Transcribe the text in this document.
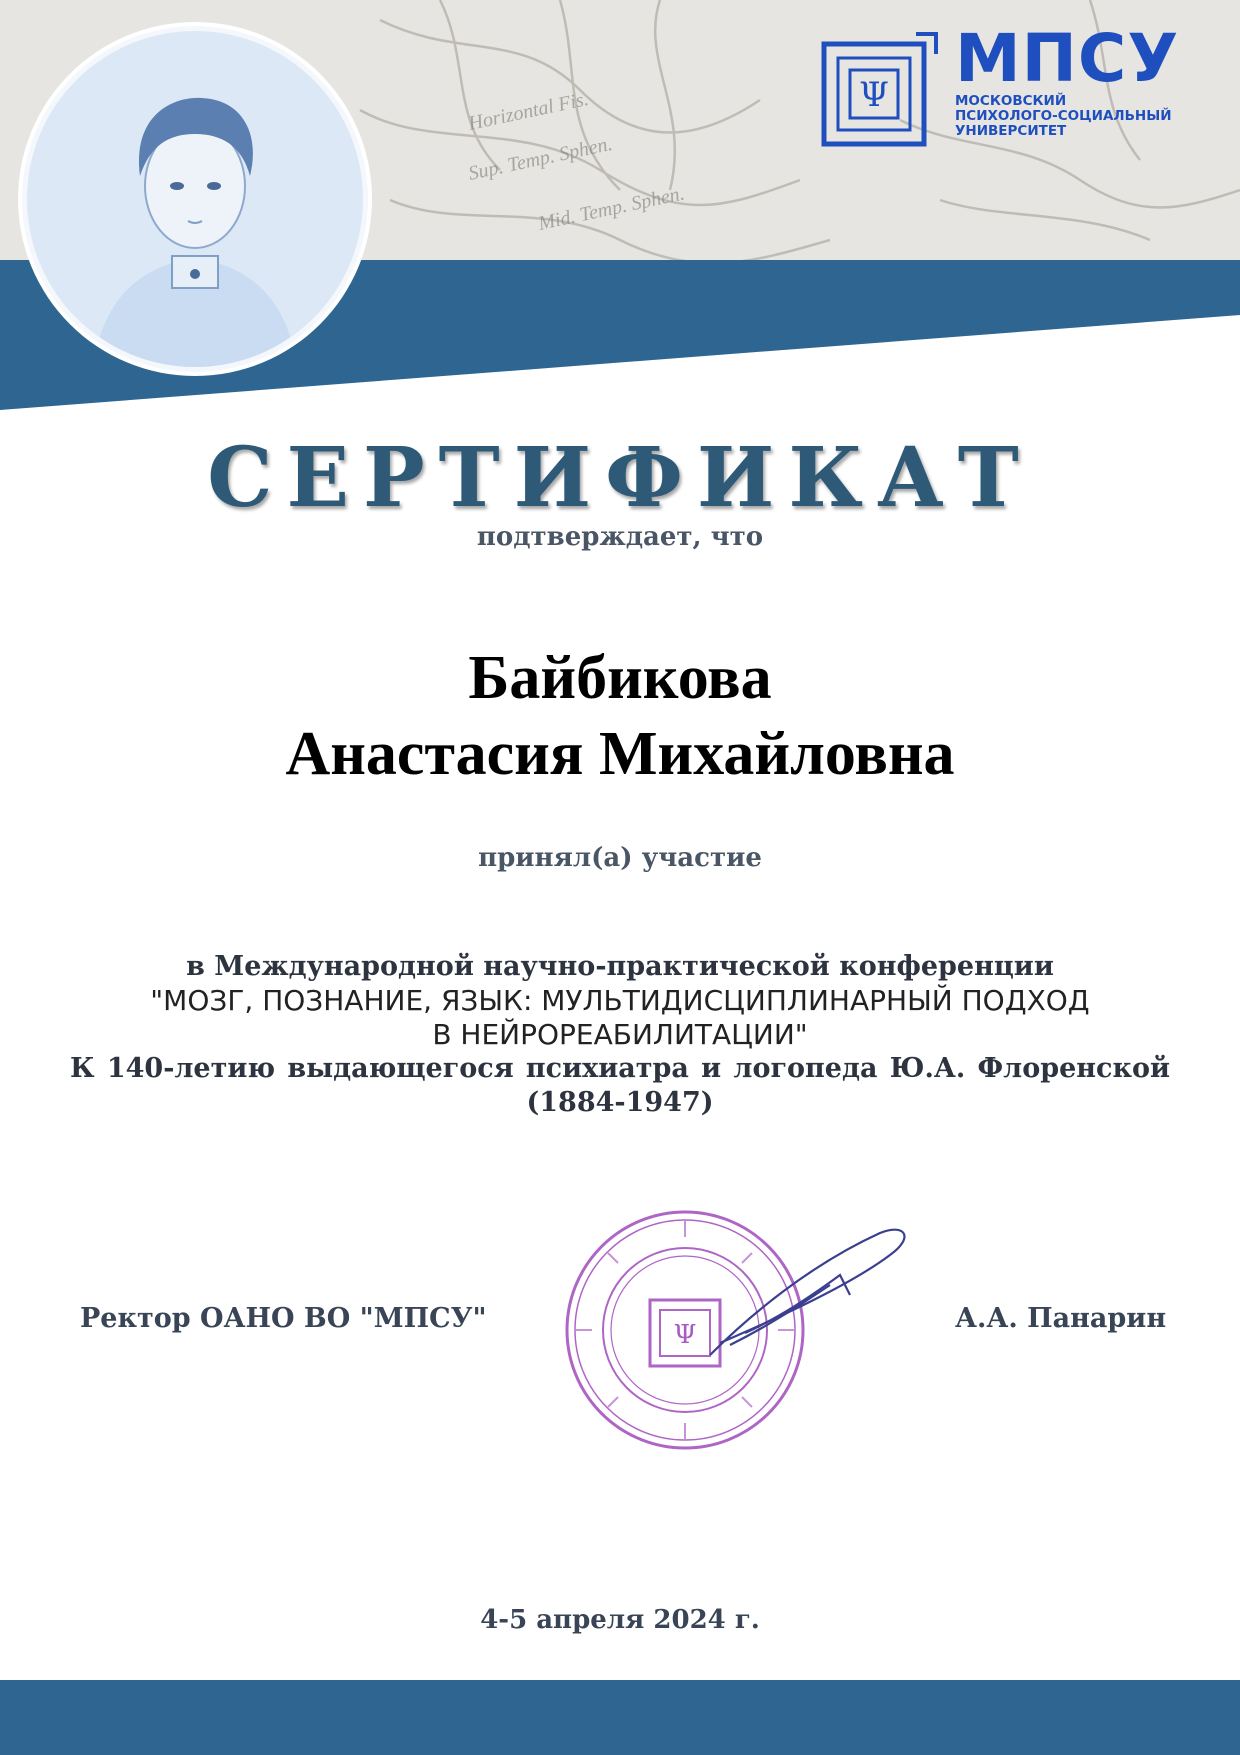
Horizontal Fis.
Sup. Temp. Sphen.
Mid. Temp. Sphen.
Ψ МПСУ
МОСКОВСКИЙ
ПСИХОЛОГО-СОЦИАЛЬНЫЙ
УНИВЕРСИТЕТ
СЕРТИФИКАТ
подтверждает, что
Байбикова
Анастасия Михайловна
принял(а) участие
в Международной научно-практической конференции
"МОЗГ, ПОЗНАНИЕ, ЯЗЫК: МУЛЬТИДИСЦИПЛИНАРНЫЙ ПОДХОД
В НЕЙРОРЕАБИЛИТАЦИИ"
К 140-летию выдающегося психиатра и логопеда Ю.А. Флоренской
(1884-1947)
Ректор ОАНО ВО "МПСУ"
Ψ
А.А. Панарин
4-5 апреля 2024 г.
